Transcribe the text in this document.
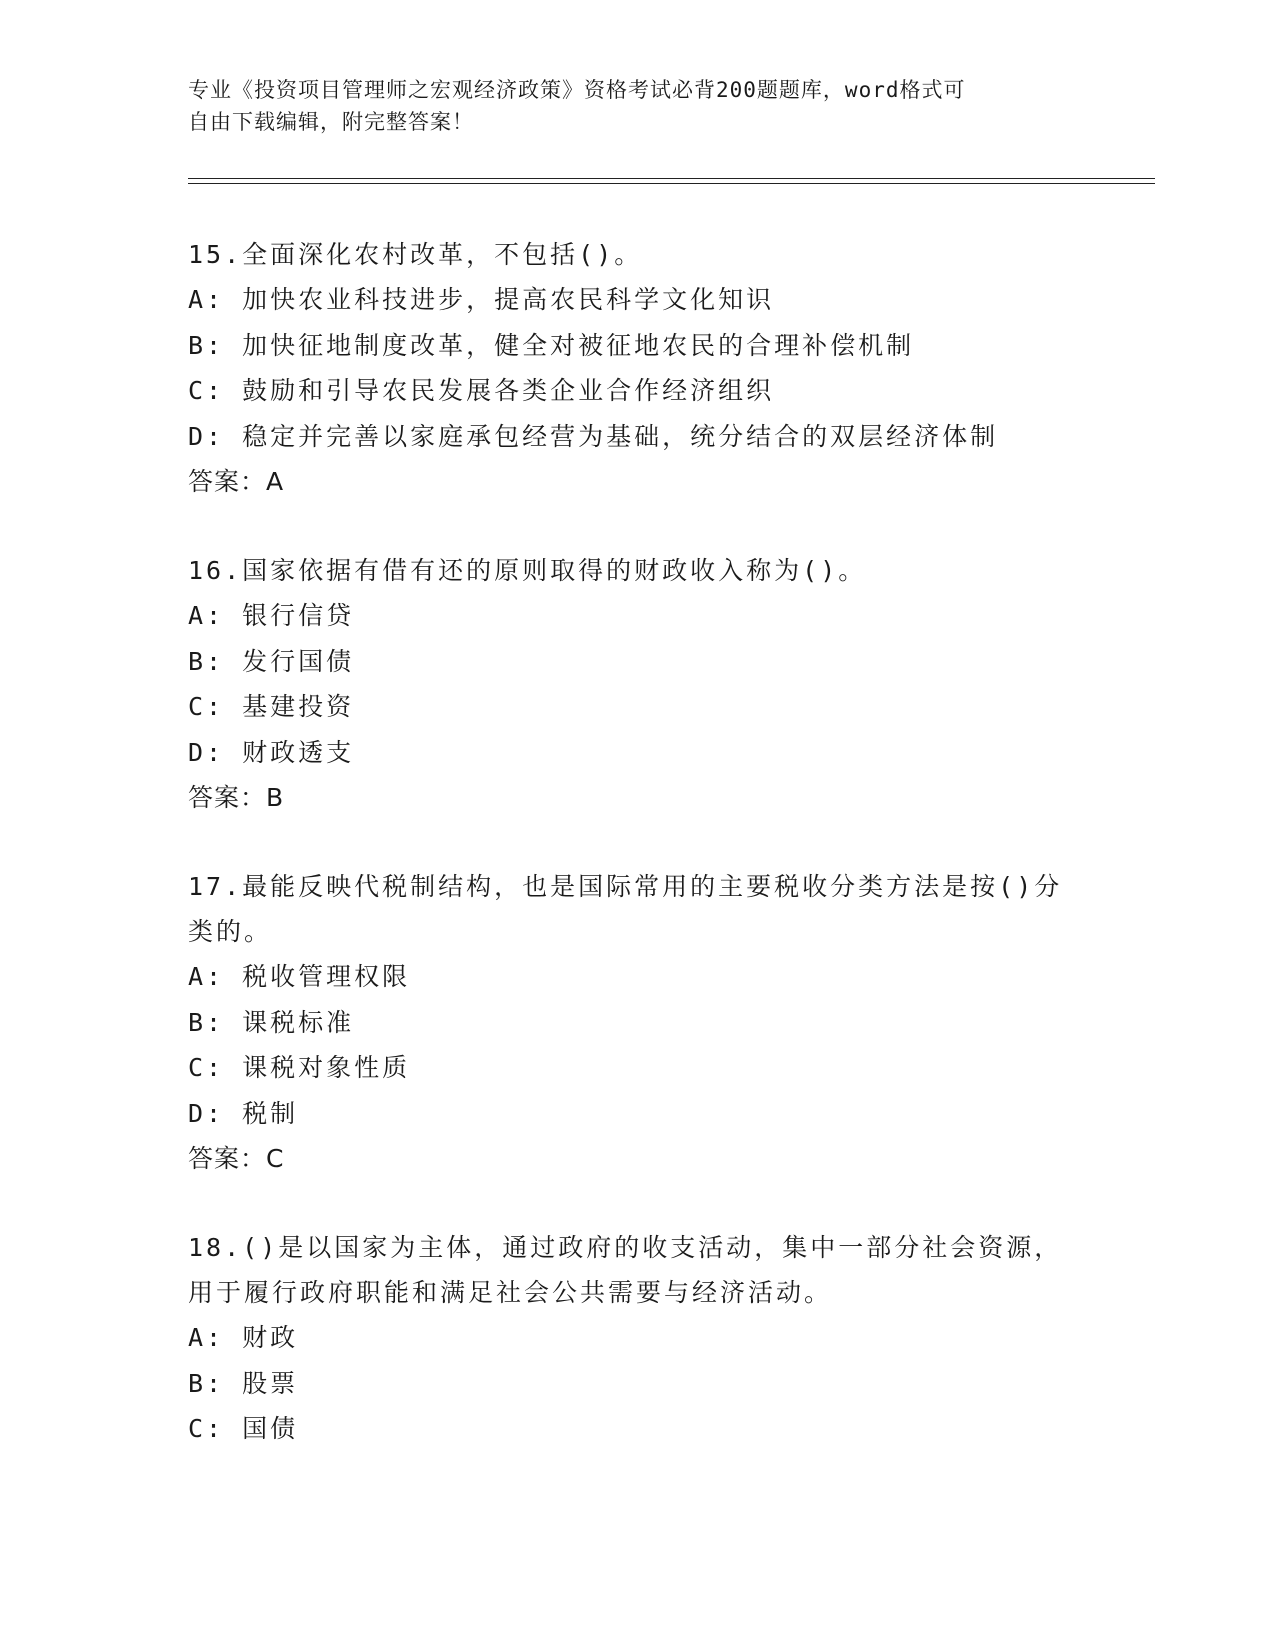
专业《投资项目管理师之宏观经济政策》资格考试必背200题题库，word格式可
自由下载编辑，附完整答案！
15.全面深化农村改革，不包括()。
A: 加快农业科技进步，提高农民科学文化知识
B: 加快征地制度改革，健全对被征地农民的合理补偿机制
C: 鼓励和引导农民发展各类企业合作经济组织
D: 稳定并完善以家庭承包经营为基础，统分结合的双层经济体制
答案：A
16.国家依据有借有还的原则取得的财政收入称为()。
A: 银行信贷
B: 发行国债
C: 基建投资
D: 财政透支
答案：B
17.最能反映代税制结构，也是国际常用的主要税收分类方法是按()分类的。
A: 税收管理权限
B: 课税标准
C: 课税对象性质
D: 税制
答案：C
18.()是以国家为主体，通过政府的收支活动，集中一部分社会资源，用于履行政府职能和满足社会公共需要与经济活动。
A: 财政
B: 股票
C: 国债
